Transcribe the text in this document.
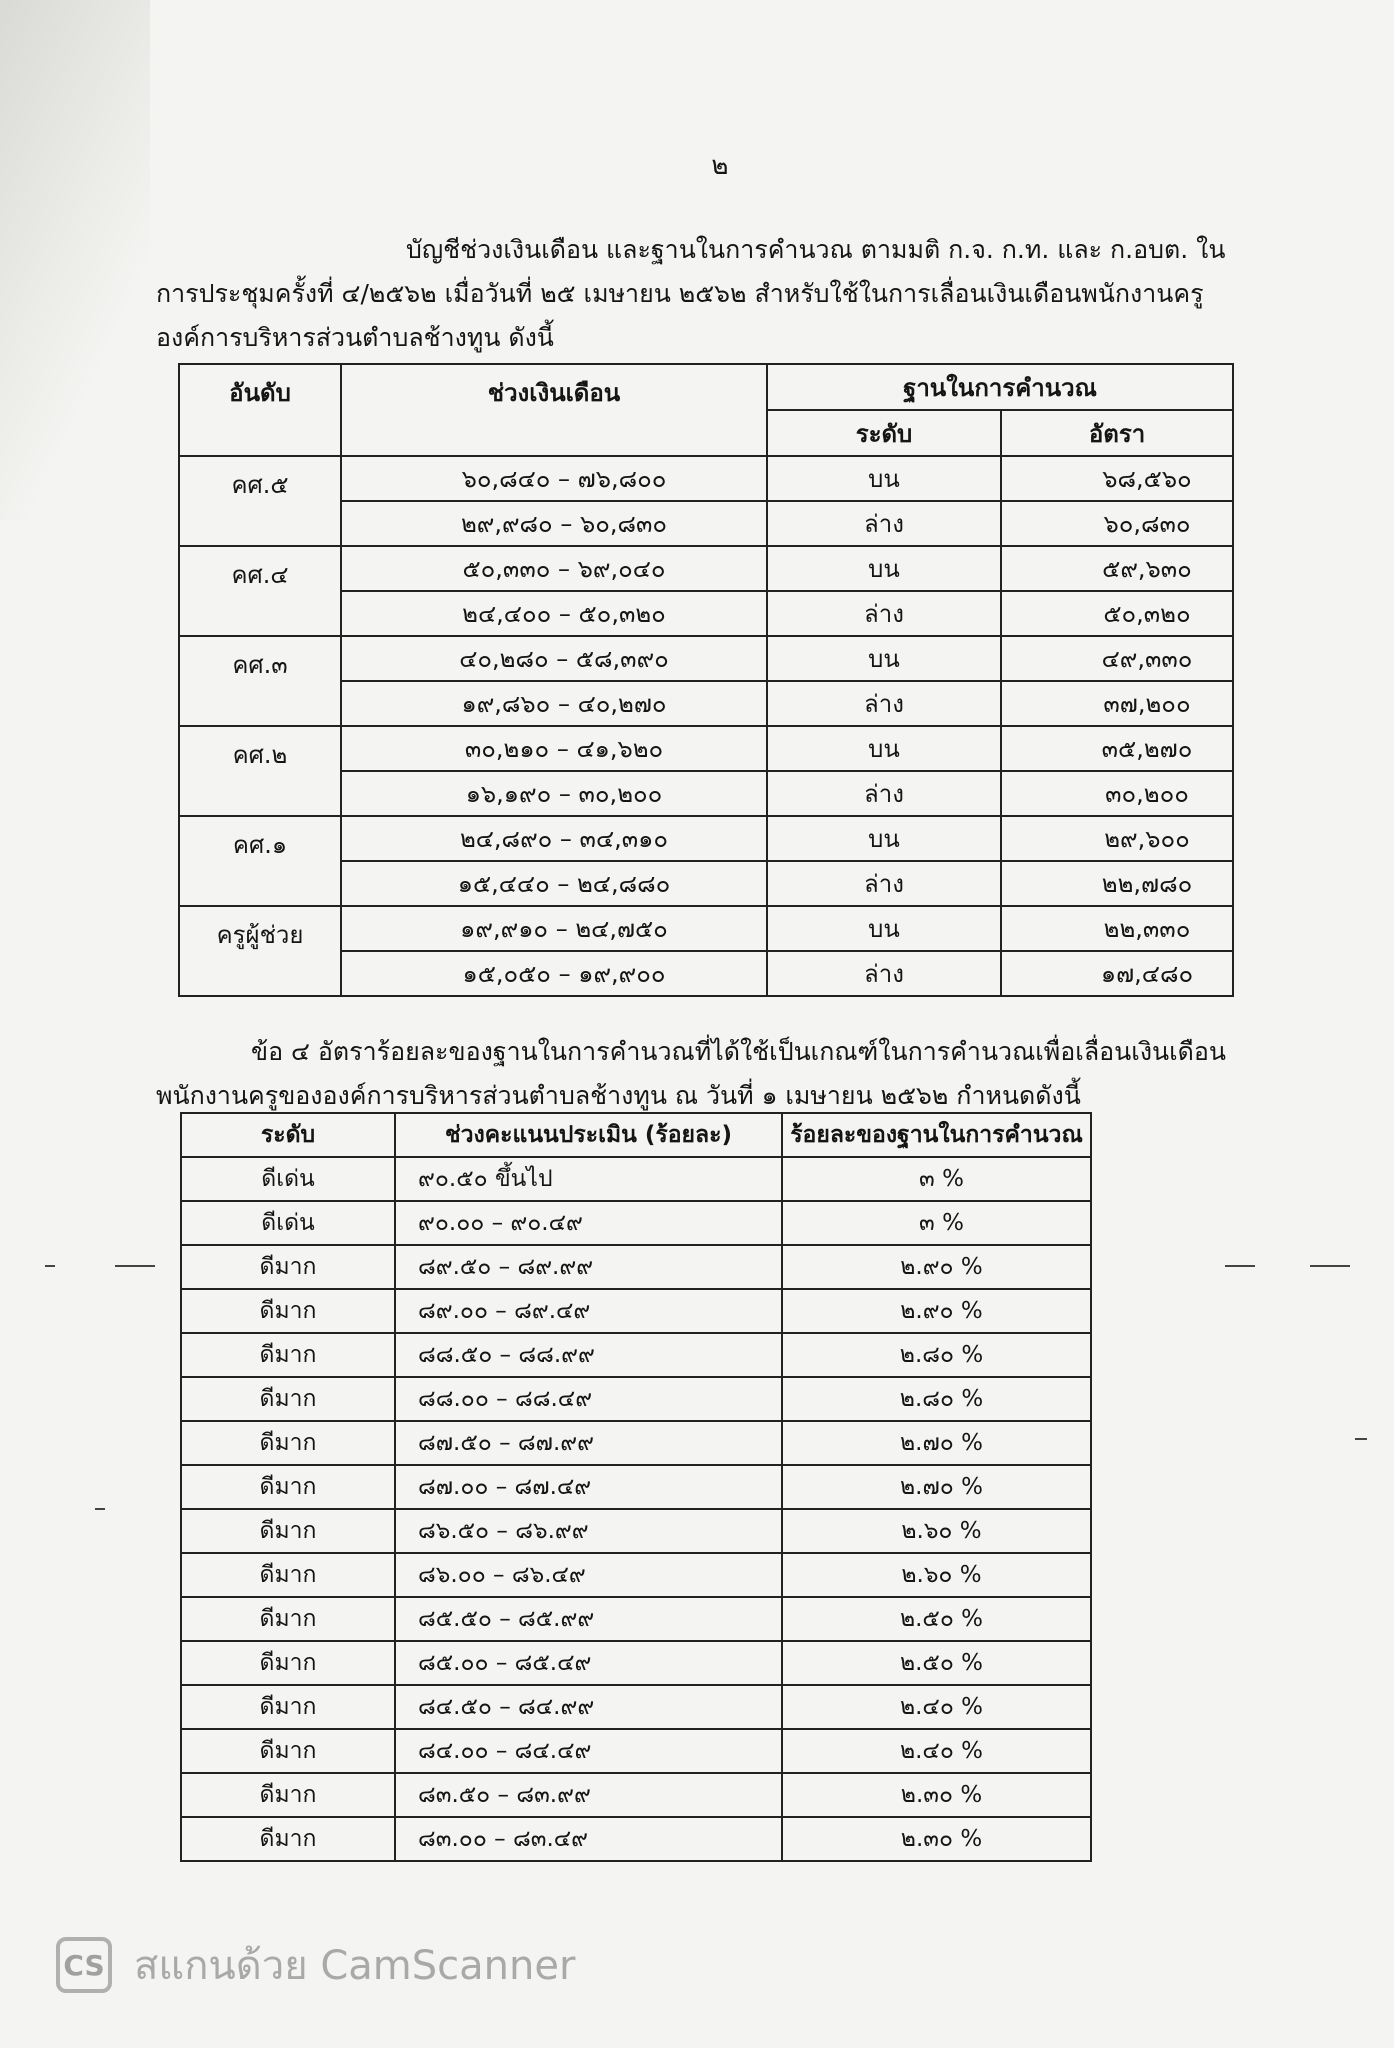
๒

บัญชีช่วงเงินเดือน และฐานในการคำนวณ ตามมติ ก.จ. ก.ท. และ ก.อบต. ในการประชุมครั้งที่ ๔/๒๕๖๒ เมื่อวันที่ ๒๕ เมษายน ๒๕๖๒ สำหรับใช้ในการเลื่อนเงินเดือนพนักงานครูองค์การบริหารส่วนตำบลช้างทูน ดังนี้

อันดับ	ช่วงเงินเดือน	ฐานในการคำนวณ	
		ระดับ	อัตรา
คศ.๕	๖๐,๘๔๐ – ๗๖,๘๐๐	บน	๖๘,๕๖๐
	๒๙,๙๘๐ – ๖๐,๘๓๐	ล่าง	๖๐,๘๓๐
คศ.๔	๕๐,๓๓๐ – ๖๙,๐๔๐	บน	๕๙,๖๓๐
	๒๔,๔๐๐ – ๕๐,๓๒๐	ล่าง	๕๐,๓๒๐
คศ.๓	๔๐,๒๘๐ – ๕๘,๓๙๐	บน	๔๙,๓๓๐
	๑๙,๘๖๐ – ๔๐,๒๗๐	ล่าง	๓๗,๒๐๐
คศ.๒	๓๐,๒๑๐ – ๔๑,๖๒๐	บน	๓๕,๒๗๐
	๑๖,๑๙๐ – ๓๐,๒๐๐	ล่าง	๓๐,๒๐๐
คศ.๑	๒๔,๘๙๐ – ๓๔,๓๑๐	บน	๒๙,๖๐๐
	๑๕,๔๔๐ – ๒๔,๘๘๐	ล่าง	๒๒,๗๘๐
ครูผู้ช่วย	๑๙,๙๑๐ – ๒๔,๗๕๐	บน	๒๒,๓๓๐
	๑๕,๐๕๐ – ๑๙,๙๐๐	ล่าง	๑๗,๔๘๐

ข้อ ๔ อัตราร้อยละของฐานในการคำนวณที่ได้ใช้เป็นเกณฑ์ในการคำนวณเพื่อเลื่อนเงินเดือนพนักงานครูขององค์การบริหารส่วนตำบลช้างทูน ณ วันที่ ๑ เมษายน ๒๕๖๒ กำหนดดังนี้

ระดับ	ช่วงคะแนนประเมิน (ร้อยละ)	ร้อยละของฐานในการคำนวณ
ดีเด่น	๙๐.๕๐ ขึ้นไป	๓ %
ดีเด่น	๙๐.๐๐ – ๙๐.๔๙	๓ %
ดีมาก	๘๙.๕๐ – ๘๙.๙๙	๒.๙๐ %
ดีมาก	๘๙.๐๐ – ๘๙.๔๙	๒.๙๐ %
ดีมาก	๘๘.๕๐ – ๘๘.๙๙	๒.๘๐ %
ดีมาก	๘๘.๐๐ – ๘๘.๔๙	๒.๘๐ %
ดีมาก	๘๗.๕๐ – ๘๗.๙๙	๒.๗๐ %
ดีมาก	๘๗.๐๐ – ๘๗.๔๙	๒.๗๐ %
ดีมาก	๘๖.๕๐ – ๘๖.๙๙	๒.๖๐ %
ดีมาก	๘๖.๐๐ – ๘๖.๔๙	๒.๖๐ %
ดีมาก	๘๕.๕๐ – ๘๕.๙๙	๒.๕๐ %
ดีมาก	๘๕.๐๐ – ๘๕.๔๙	๒.๕๐ %
ดีมาก	๘๔.๕๐ – ๘๔.๙๙	๒.๔๐ %
ดีมาก	๘๔.๐๐ – ๘๔.๔๙	๒.๔๐ %
ดีมาก	๘๓.๕๐ – ๘๓.๙๙	๒.๓๐ %
ดีมาก	๘๓.๐๐ – ๘๓.๔๙	๒.๓๐ %
CS สแกนด้วย CamScanner
